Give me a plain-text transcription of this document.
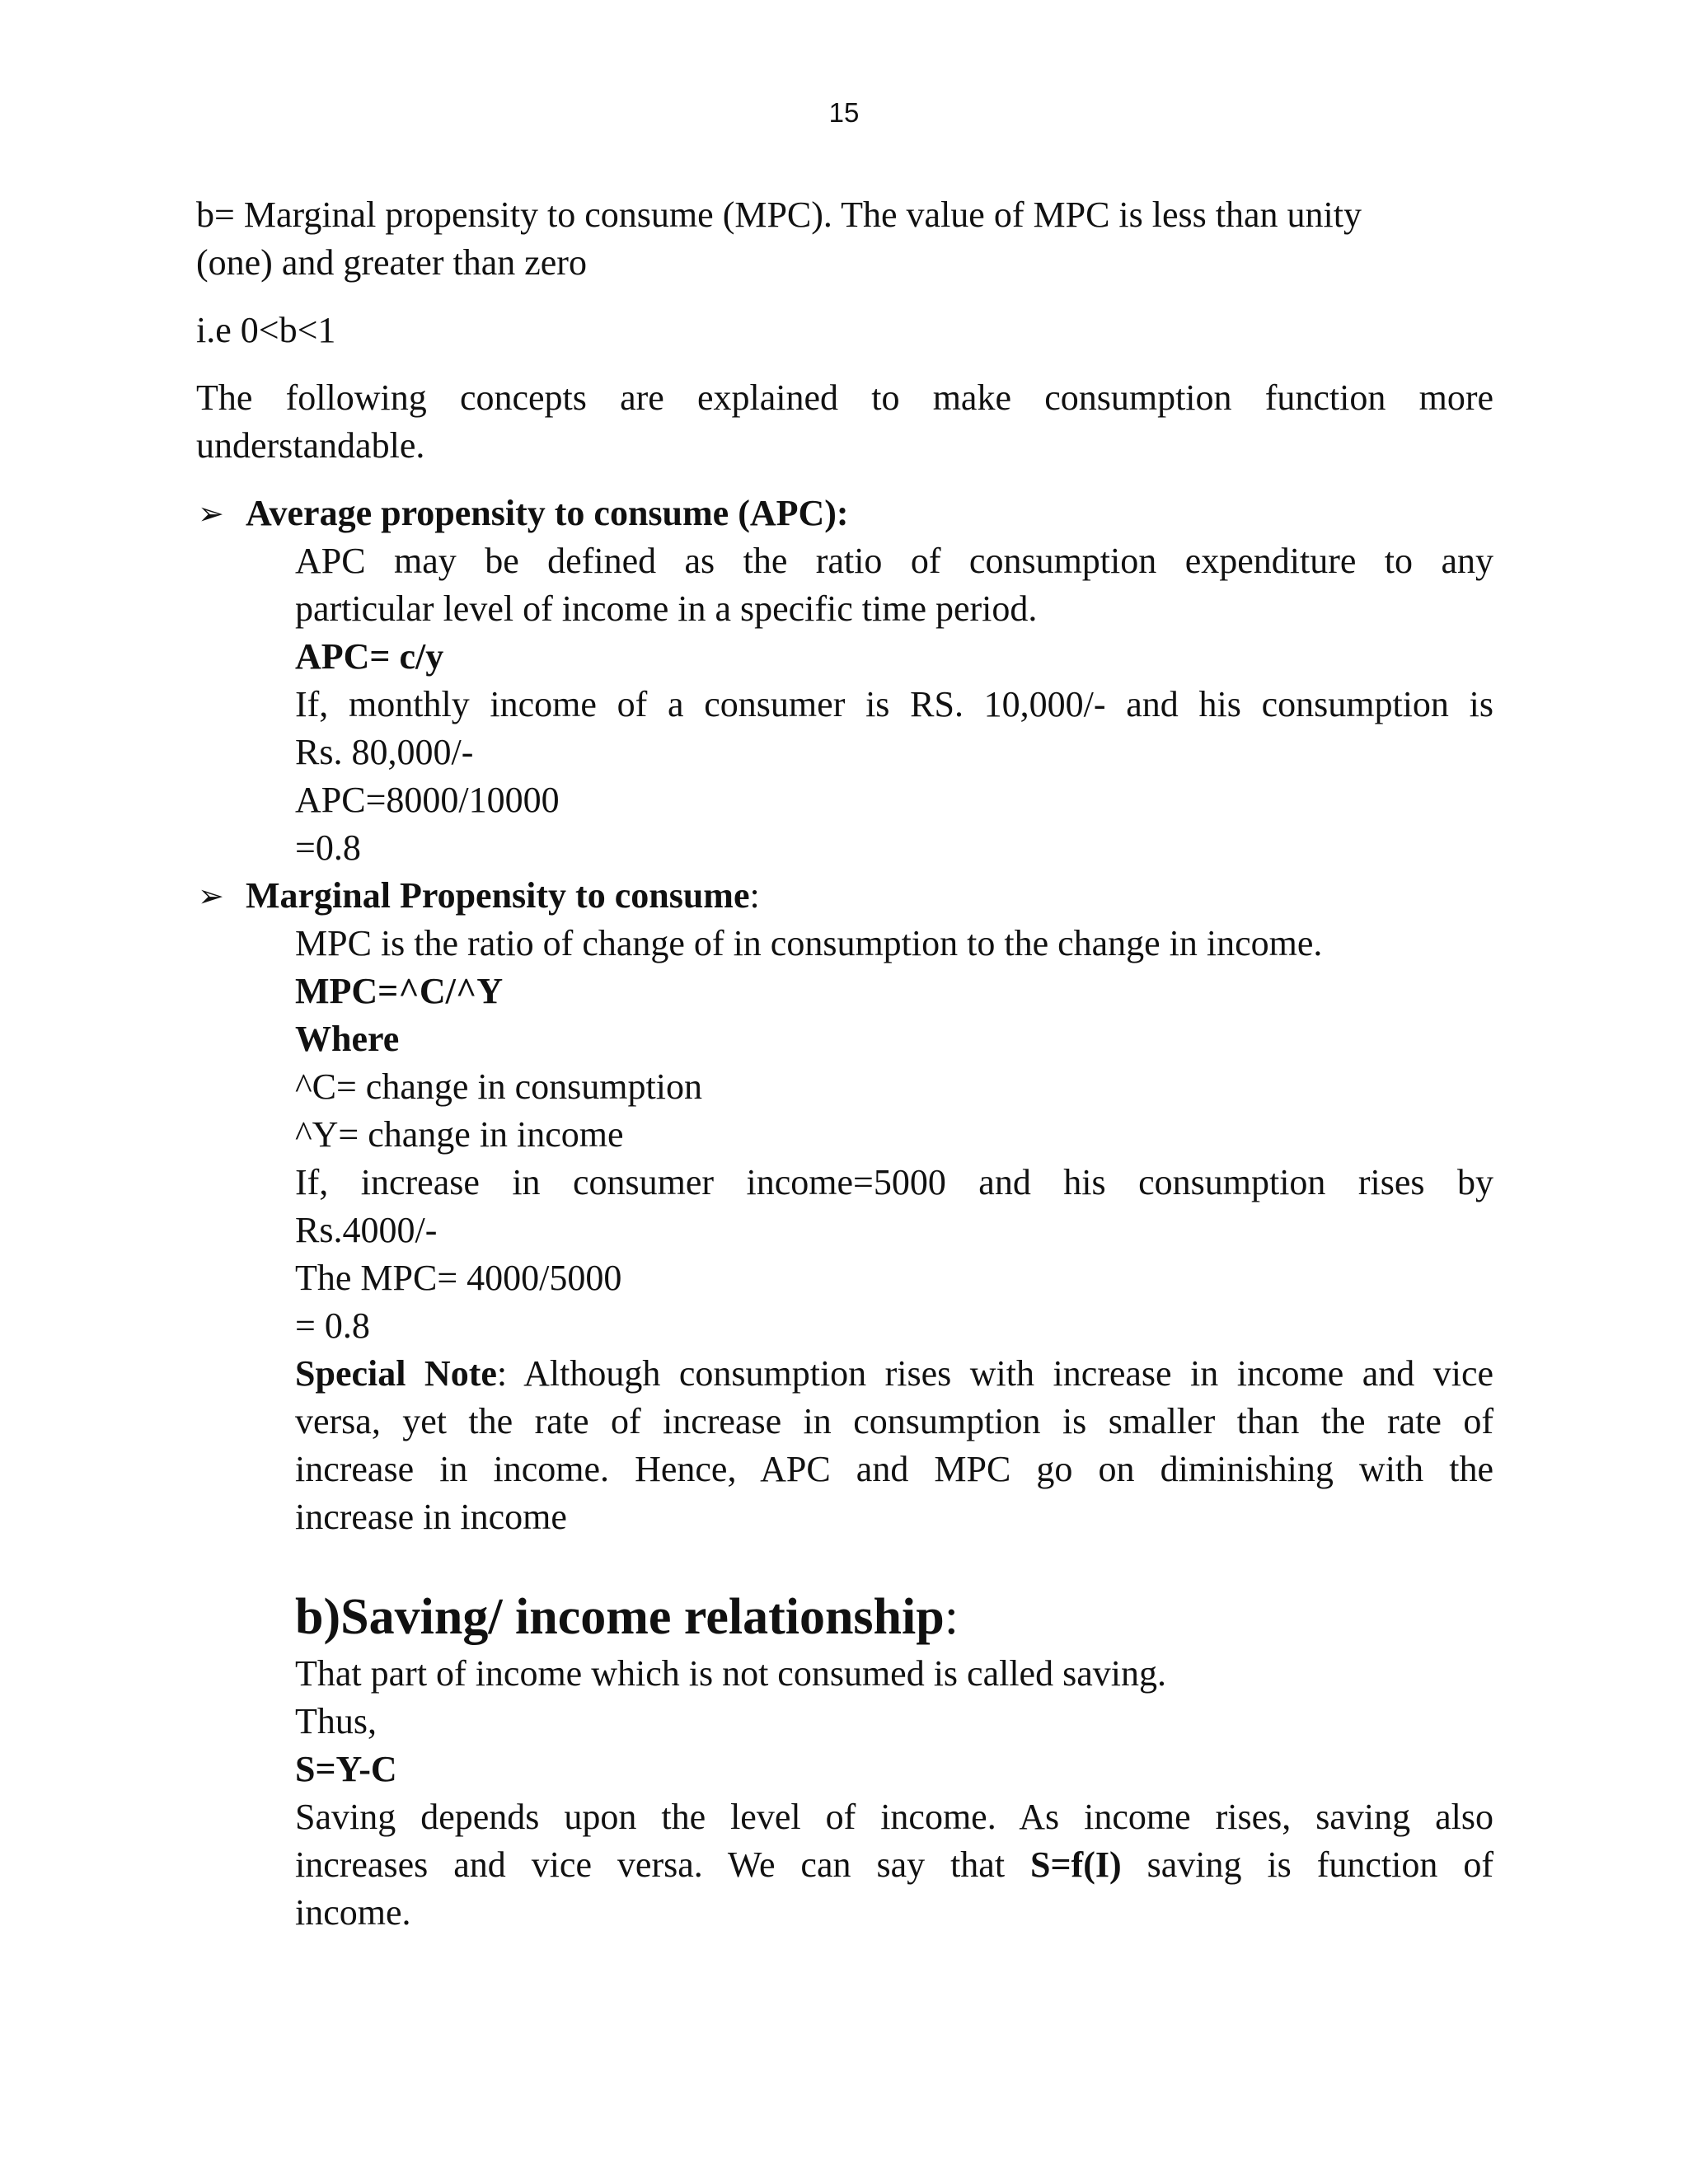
15
b= Marginal propensity to consume (MPC). The value of MPC is less than unity
(one) and greater than zero
i.e 0<b<1
The following concepts are explained to make consumption function more
understandable.
➢ Average propensity to consume (APC):
APC may be defined as the ratio of consumption expenditure to any
particular level of income in a specific time period.
APC= c/y
If, monthly income of a consumer is RS. 10,000/- and his consumption is
Rs. 80,000/-
APC=8000/10000
=0.8
➢ Marginal Propensity to consume:
MPC is the ratio of change of in consumption to the change in income.
MPC=^C/^Y
Where
^C= change in consumption
^Y= change in income
If, increase in consumer income=5000 and his consumption rises by
Rs.4000/-
The MPC= 4000/5000
= 0.8
Special Note: Although consumption rises with increase in income and vice
versa, yet the rate of increase in consumption is smaller than the rate of
increase in income. Hence, APC and MPC go on diminishing with the
increase in income
b)Saving/ income relationship:
That part of income which is not consumed is called saving.
Thus,
S=Y-C
Saving depends upon the level of income. As income rises, saving also
increases and vice versa. We can say that S=f(I) saving is function of
income.
